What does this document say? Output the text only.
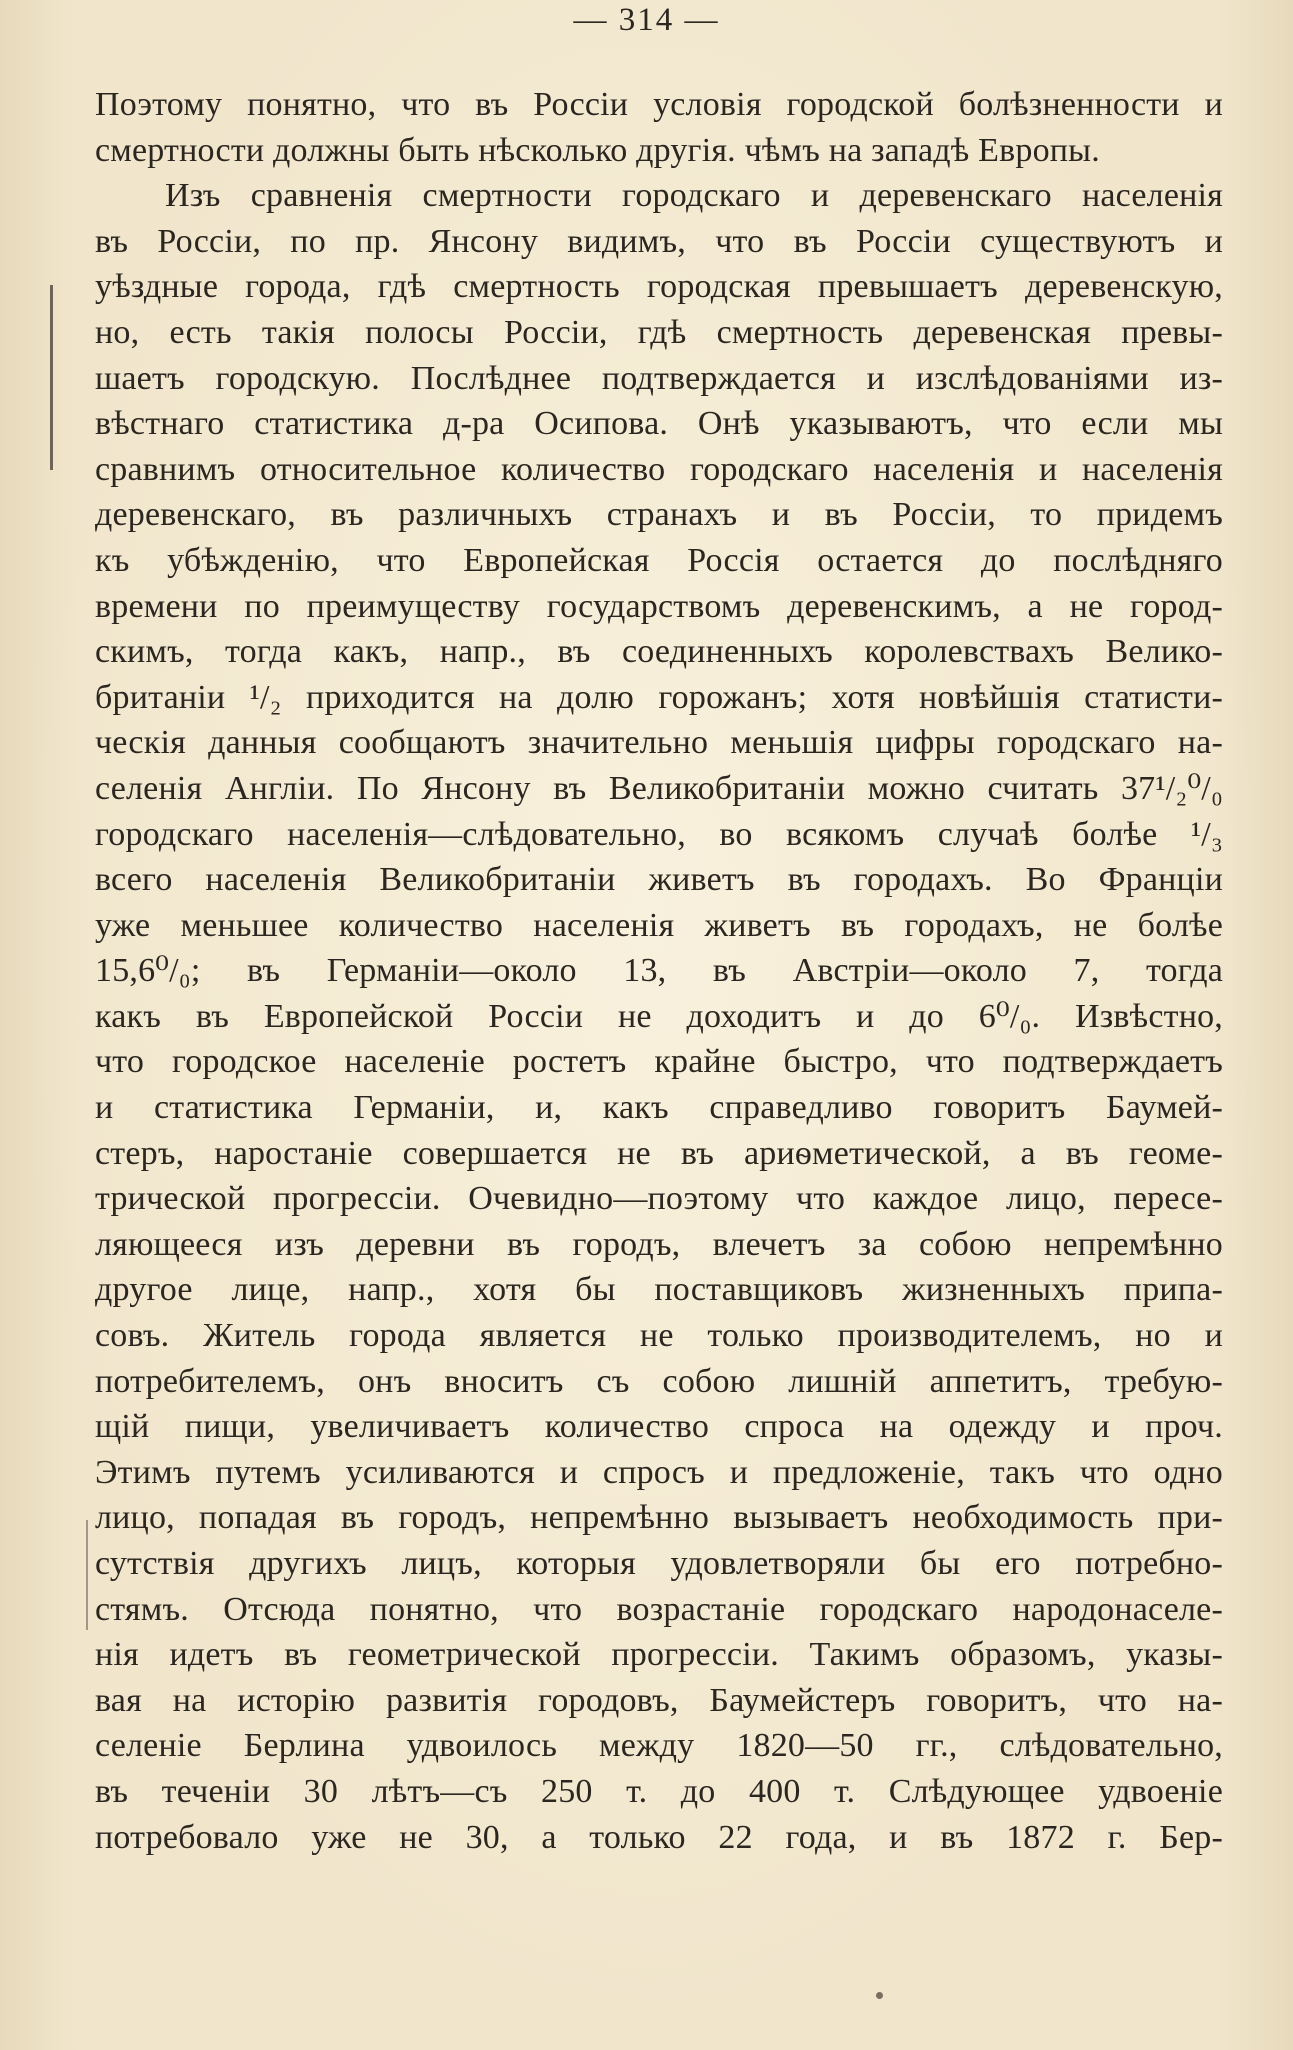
— 314 —
Поэтому понятно, что въ Россіи условія городской болѣзненности и
смертности должны быть нѣсколько другія. чѣмъ на западѣ Европы.
Изъ сравненія смертности городскаго и деревенскаго населенія
въ Россіи, по пр. Янсону видимъ, что въ Россіи существуютъ и
уѣздные города, гдѣ смертность городская превышаетъ деревенскую,
но, есть такія полосы Россіи, гдѣ смертность деревенская превы-
шаетъ городскую. Послѣднее подтверждается и изслѣдованіями из-
вѣстнаго статистика д-ра Осипова. Онѣ указываютъ, что если мы
сравнимъ относительное количество городскаго населенія и населенія
деревенскаго, въ различныхъ странахъ и въ Россіи, то придемъ
къ убѣжденію, что Европейская Россія остается до послѣдняго
времени по преимуществу государствомъ деревенскимъ, а не город-
скимъ, тогда какъ, напр., въ соединенныхъ королевствахъ Велико-
британіи ¹/₂ приходится на долю горожанъ; хотя новѣйшія статисти-
ческія данныя сообщаютъ значительно меньшія цифры городскаго на-
селенія Англіи. По Янсону въ Великобританіи можно считать 37¹/₂⁰/₀
городскаго населенія—слѣдовательно, во всякомъ случаѣ болѣе ¹/₃
всего населенія Великобританіи живетъ въ городахъ. Во Франціи
уже меньшее количество населенія живетъ въ городахъ, не болѣе
15,6⁰/₀; въ Германіи—около 13, въ Австріи—около 7, тогда
какъ въ Европейской Россіи не доходитъ и до 6⁰/₀. Извѣстно,
что городское населеніе ростетъ крайне быстро, что подтверждаетъ
и статистика Германіи, и, какъ справедливо говоритъ Баумей-
стеръ, наростаніе совершается не въ ариѳметической, а въ геоме-
трической прогрессіи. Очевидно—поэтому что каждое лицо, пересе-
ляющееся изъ деревни въ городъ, влечетъ за собою непремѣнно
другое лице, напр., хотя бы поставщиковъ жизненныхъ припа-
совъ. Житель города является не только производителемъ, но и
потребителемъ, онъ вноситъ съ собою лишній аппетитъ, требую-
щій пищи, увеличиваетъ количество спроса на одежду и проч.
Этимъ путемъ усиливаются и спросъ и предложеніе, такъ что одно
лицо, попадая въ городъ, непремѣнно вызываетъ необходимость при-
сутствія другихъ лицъ, которыя удовлетворяли бы его потребно-
стямъ. Отсюда понятно, что возрастаніе городскаго народонаселе-
нія идетъ въ геометрической прогрессіи. Такимъ образомъ, указы-
вая на исторію развитія городовъ, Баумейстеръ говоритъ, что на-
селеніе Берлина удвоилось между 1820—50 гг., слѣдовательно,
въ теченіи 30 лѣтъ—съ 250 т. до 400 т. Слѣдующее удвоеніе
потребовало уже не 30, а только 22 года, и въ 1872 г. Бер-
